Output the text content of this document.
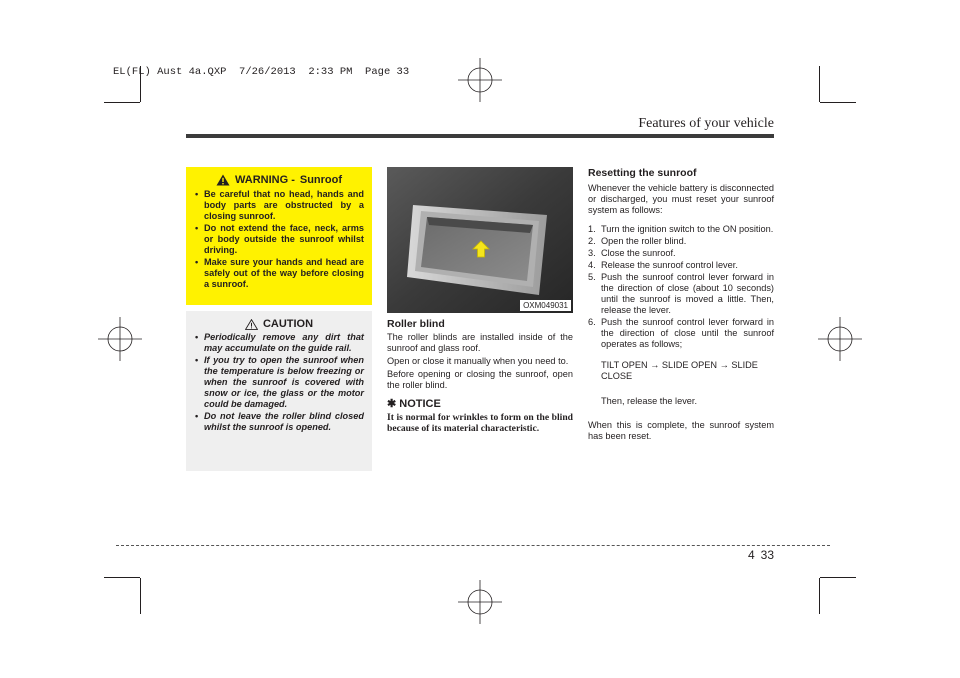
EL(FL) Aust 4a.QXP  7/26/2013  2:33 PM  Page 33
Features of your vehicle
WARNING - Sunroof
• Be careful that no head, hands and body parts are obstructed by a closing sunroof.
• Do not extend the face, neck, arms or body outside the sunroof whilst driving.
• Make sure your hands and head are safely out of the way before closing a sunroof.
CAUTION
• Periodically remove any dirt that may accumulate on the guide rail.
• If you try to open the sunroof when the temperature is below freezing or when the sunroof is covered with snow or ice, the glass or the motor could be damaged.
• Do not leave the roller blind closed whilst the sunroof is opened.
OXM049031
Roller blind

The roller blinds are installed inside of the sunroof and glass roof.

Open or close it manually when you need to.

Before opening or closing the sunroof, open the roller blind.

✱ NOTICE

It is normal for wrinkles to form on the blind because of its material characteristic.

Resetting the sunroof

Whenever the vehicle battery is disconnected or discharged, you must reset your sunroof system as follows:

1. Turn the ignition switch to the ON position.
2. Open the roller blind.
3. Close the sunroof.
4. Release the sunroof control lever.
5. Push the sunroof control lever forward in the direction of close (about 10 seconds) until the sunroof is moved a little. Then, release the lever.
6. Push the sunroof control lever forward in the direction of close until the sunroof operates as follows;

TILT OPEN → SLIDE OPEN → SLIDE CLOSE

Then, release the lever.

When this is complete, the sunroof system has been reset.

4 33
